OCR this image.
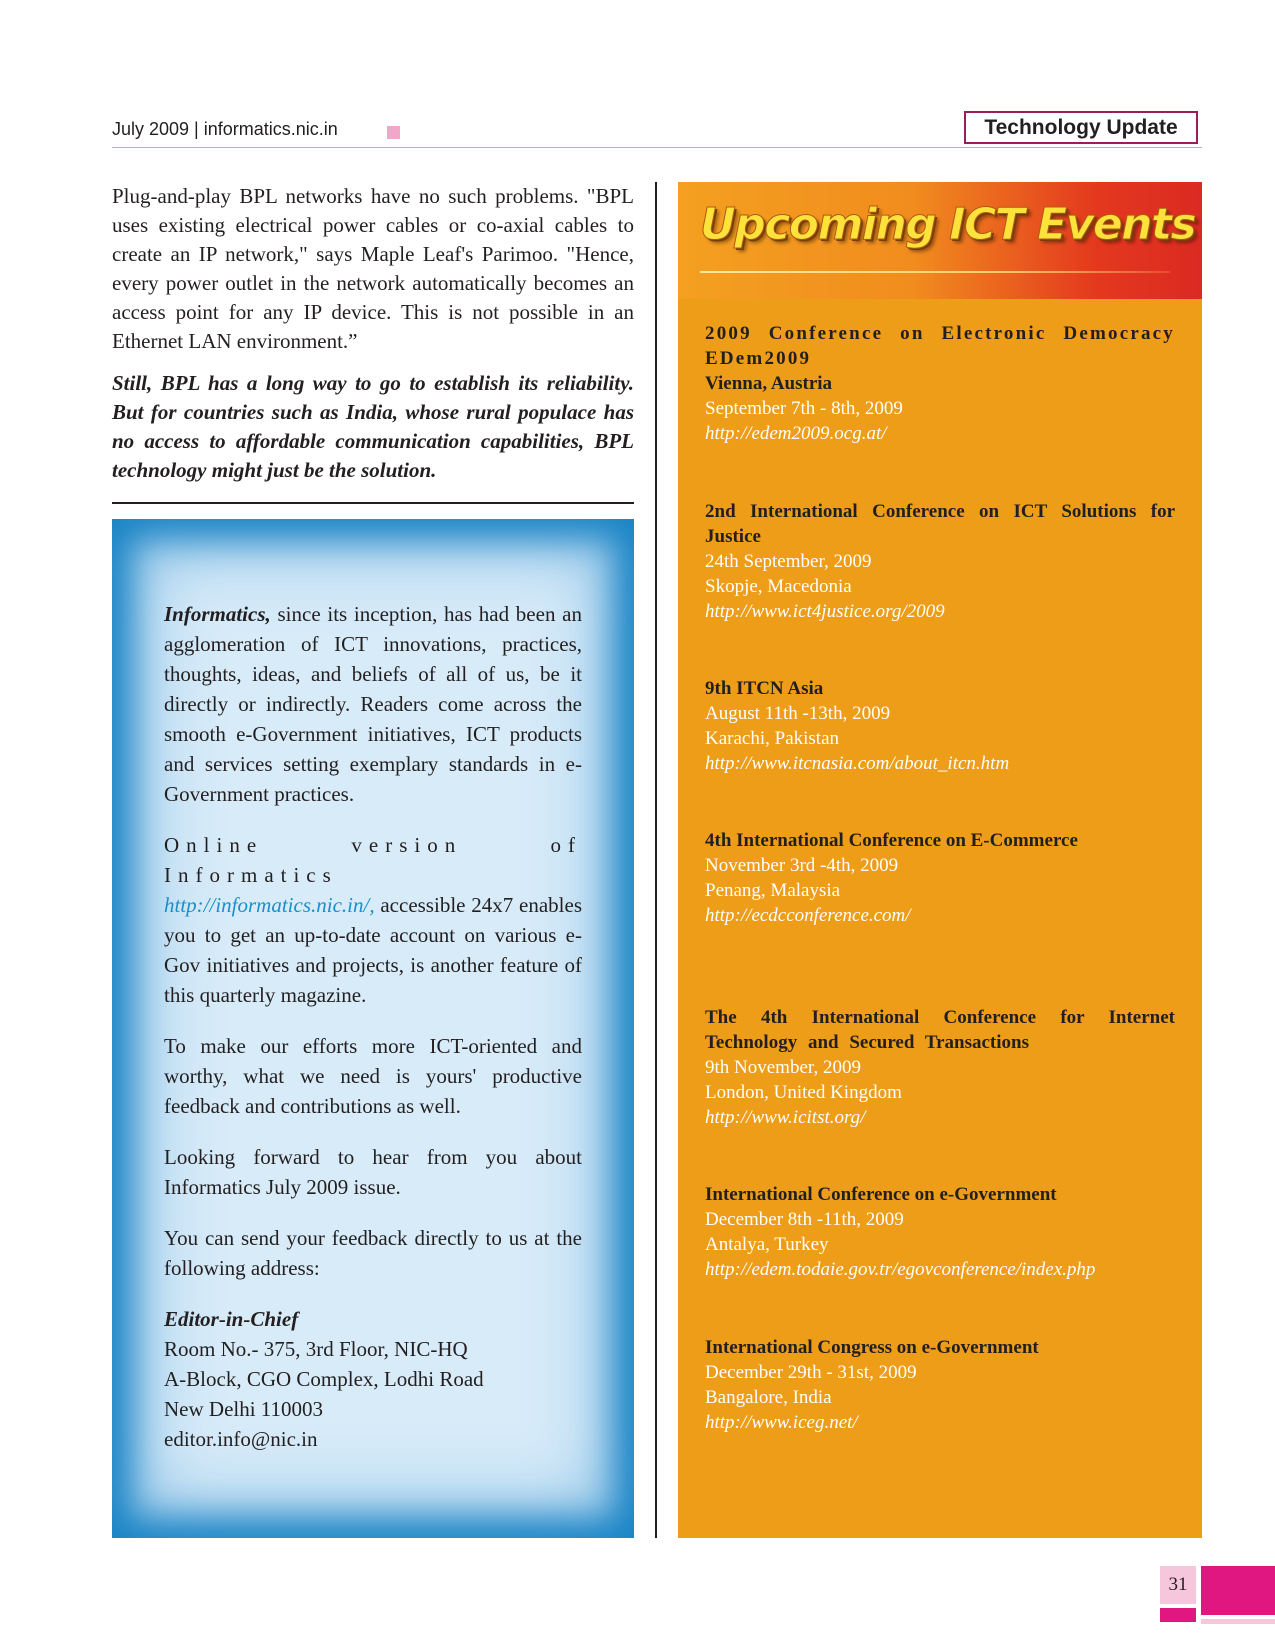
July 2009 | informatics.nic.in	Technology Update

Plug-and-play BPL networks have no such problems. "BPL uses existing electrical power cables or co-axial cables to create an IP network," says Maple Leaf's Parimoo. "Hence, every power outlet in the network automatically becomes an access point for any IP device. This is not possible in an Ethernet LAN environment.”

Still, BPL has a long way to go to establish its reliability. But for countries such as India, whose rural populace has no access to affordable communication capabilities, BPL technology might just be the solution.

Informatics, since its inception, has had been an agglomeration of ICT innovations, practices, thoughts, ideas, and beliefs of all of us, be it directly or indirectly. Readers come across the smooth e-Government initiatives, ICT products and services setting exemplary standards in e-Government practices.

Online version of Informatics
http://informatics.nic.in/, accessible 24x7 enables you to get an up-to-date account on various e-Gov initiatives and projects, is another feature of this quarterly magazine.

To make our efforts more ICT-oriented and worthy, what we need is yours' productive feedback and contributions as well.

Looking forward to hear from you about Informatics July 2009 issue.

You can send your feedback directly to us at the following address:

Editor-in-Chief

Room No.- 375, 3rd Floor, NIC-HQ

A-Block, CGO Complex, Lodhi Road

New Delhi 110003

editor.info@nic.in

Upcoming ICT Events
2009 Conference on Electronic Democracy EDem2009
Vienna, Austria
September 7th - 8th, 2009
http://edem2009.ocg.at/
2nd International Conference on ICT Solutions for Justice
24th September, 2009
Skopje, Macedonia
http://www.ict4justice.org/2009
9th ITCN Asia
August 11th -13th, 2009
Karachi, Pakistan
http://www.itcnasia.com/about_itcn.htm
4th International Conference on E-Commerce
November 3rd -4th, 2009
Penang, Malaysia
http://ecdcconference.com/
The 4th International Conference for Internet Technology and Secured Transactions
9th November, 2009
London, United Kingdom
http://www.icitst.org/
International Conference on e-Government
December 8th -11th, 2009
Antalya, Turkey
http://edem.todaie.gov.tr/egovconference/index.php
International Congress on e-Government
December 29th - 31st, 2009
Bangalore, India
http://www.iceg.net/
31
